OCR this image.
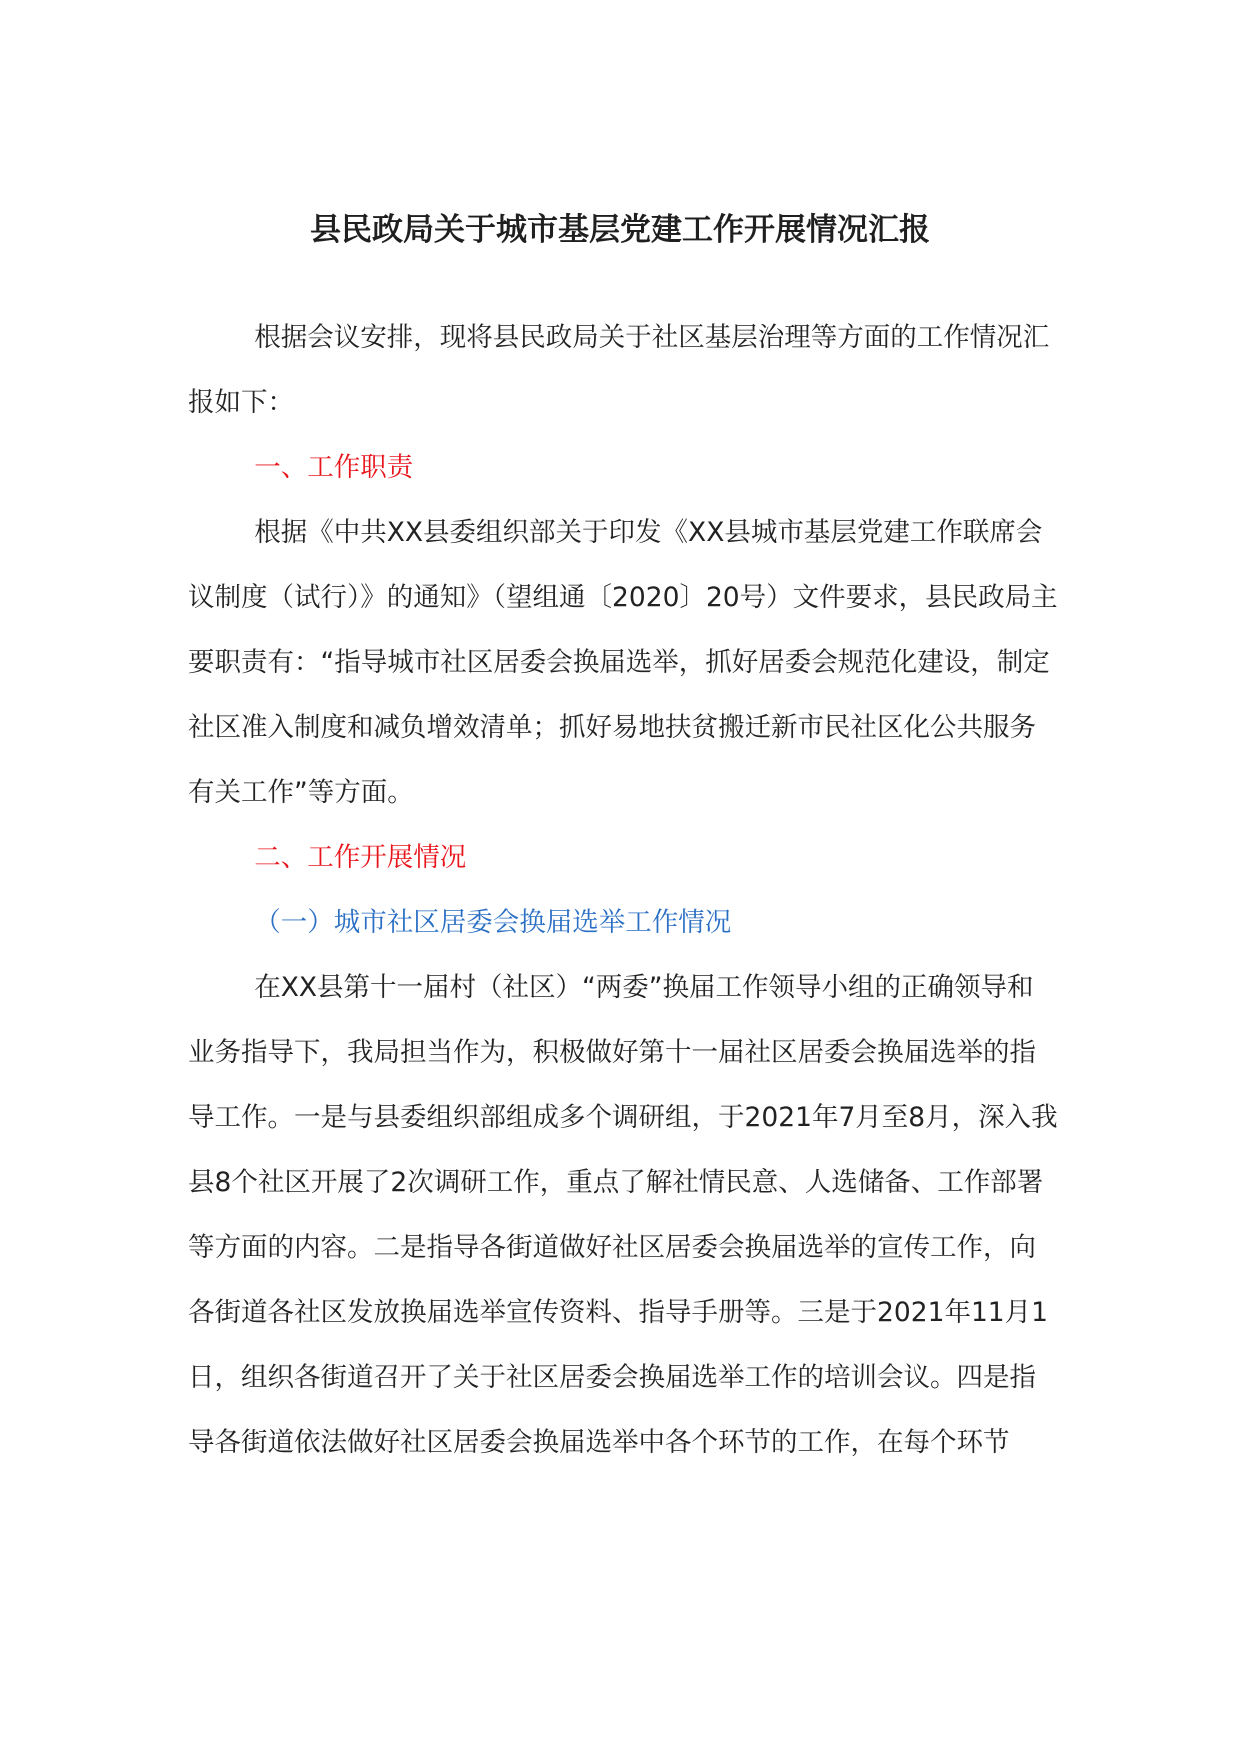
县民政局关于城市基层党建工作开展情况汇报

根据会议安排，现将县民政局关于社区基层治理等方面的工作情况汇报如下：

一、工作职责

根据《中共XX县委组织部关于印发《XX县城市基层党建工作联席会议制度（试行）》的通知》（望组通〔2020〕20号）文件要求，县民政局主要职责有：“指导城市社区居委会换届选举，抓好居委会规范化建设，制定社区准入制度和减负增效清单；抓好易地扶贫搬迁新市民社区化公共服务有关工作”等方面。

二、工作开展情况

（一）城市社区居委会换届选举工作情况

在XX县第十一届村（社区）“两委”换届工作领导小组的正确领导和业务指导下，我局担当作为，积极做好第十一届社区居委会换届选举的指导工作。一是与县委组织部组成多个调研组，于2021年7月至8月，深入我县8个社区开展了2次调研工作，重点了解社情民意、人选储备、工作部署等方面的内容。二是指导各街道做好社区居委会换届选举的宣传工作，向各街道各社区发放换届选举宣传资料、指导手册等。三是于2021年11月1日，组织各街道召开了关于社区居委会换届选举工作的培训会议。四是指导各街道依法做好社区居委会换届选举中各个环节的工作，在每个环节
